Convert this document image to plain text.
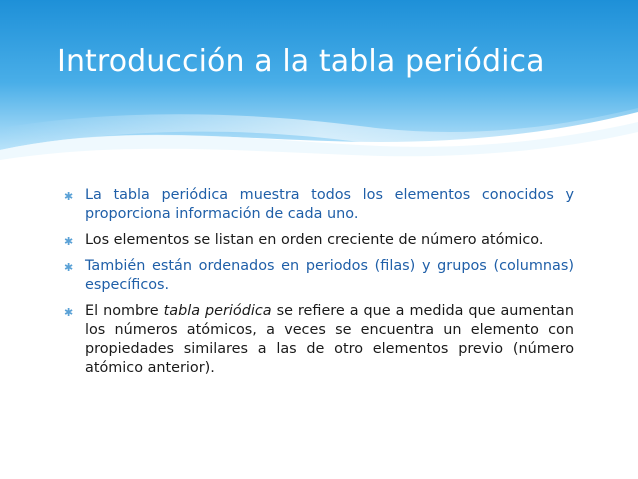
Introducción a la tabla periódica
✱ La tabla periódica muestra todos los elementos conocidos y proporciona información de cada uno.
✱ Los elementos se listan en orden creciente de número atómico.
✱ También están ordenados en periodos (filas) y grupos (columnas) específicos.
✱ El nombre tabla periódica se refiere a que a medida que aumentan los números atómicos, a veces se encuentra un elemento con propiedades similares a las de otro elementos previo (número atómico anterior).
